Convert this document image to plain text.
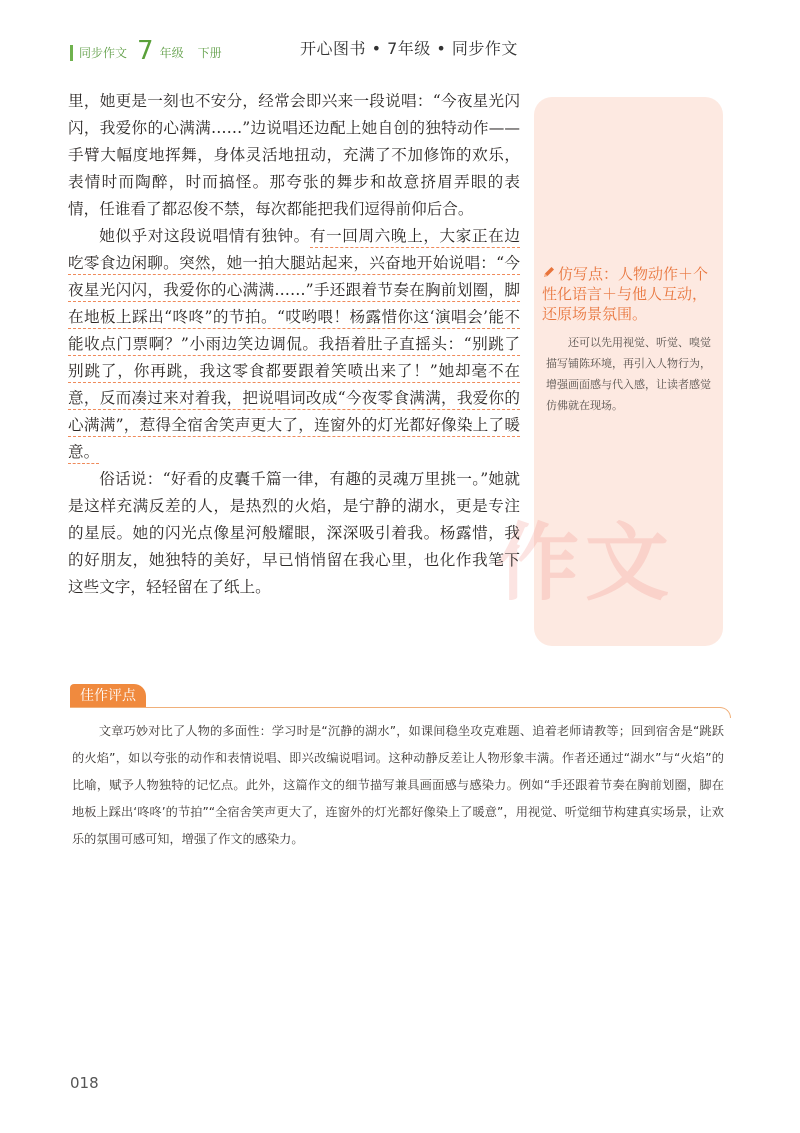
同步作文 7 年级 下册	开心图书 • 7年级 • 同步作文
作文
仿写点：人物动作＋个性化语言＋与他人互动，还原场景氛围。
还可以先用视觉、听觉、嗅觉描写铺陈环境，再引入人物行为，增强画面感与代入感，让读者感觉仿佛就在现场。

里，她更是一刻也不安分，经常会即兴来一段说唱：“今夜星光闪闪，我爱你的心满满……”边说唱还边配上她自创的独特动作——手臂大幅度地挥舞，身体灵活地扭动，充满了不加修饰的欢乐，表情时而陶醉，时而搞怪。那夸张的舞步和故意挤眉弄眼的表情，任谁看了都忍俊不禁，每次都能把我们逗得前仰后合。

她似乎对这段说唱情有独钟。有一回周六晚上，大家正在边吃零食边闲聊。突然，她一拍大腿站起来，兴奋地开始说唱：“今夜星光闪闪，我爱你的心满满……”手还跟着节奏在胸前划圈，脚在地板上踩出“咚咚”的节拍。“哎哟喂！杨露惜你这‘演唱会’能不能收点门票啊？”小雨边笑边调侃。我捂着肚子直摇头：“别跳了别跳了，你再跳，我这零食都要跟着笑喷出来了！”她却毫不在意，反而凑过来对着我，把说唱词改成“今夜零食满满，我爱你的心满满”，惹得全宿舍笑声更大了，连窗外的灯光都好像染上了暖意。

俗话说：“好看的皮囊千篇一律，有趣的灵魂万里挑一。”她就是这样充满反差的人，是热烈的火焰，是宁静的湖水，更是专注的星辰。她的闪光点像星河般耀眼，深深吸引着我。杨露惜，我的好朋友，她独特的美好，早已悄悄留在我心里，也化作我笔下这些文字，轻轻留在了纸上。

佳作评点
文章巧妙对比了人物的多面性：学习时是“沉静的湖水”，如课间稳坐攻克难题、追着老师请教等；回到宿舍是“跳跃的火焰”，如以夸张的动作和表情说唱、即兴改编说唱词。这种动静反差让人物形象丰满。作者还通过“湖水”与“火焰”的比喻，赋予人物独特的记忆点。此外，这篇作文的细节描写兼具画面感与感染力。例如“手还跟着节奏在胸前划圈，脚在地板上踩出‘咚咚’的节拍”“全宿舍笑声更大了，连窗外的灯光都好像染上了暖意”，用视觉、听觉细节构建真实场景，让欢乐的氛围可感可知，增强了作文的感染力。
018
